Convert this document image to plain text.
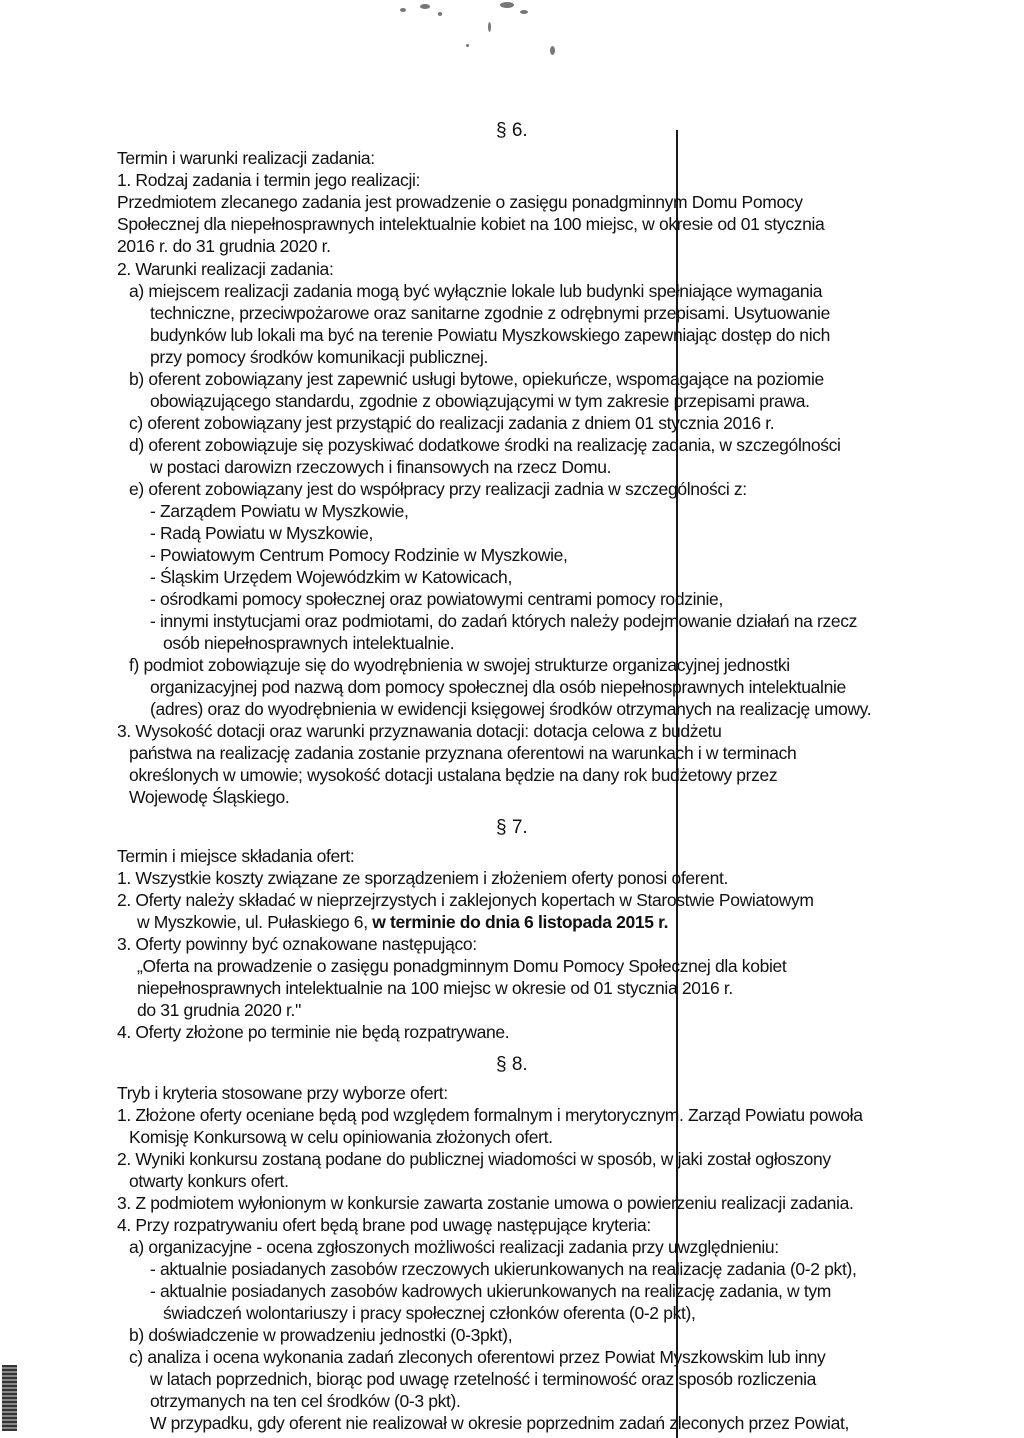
§ 6.
Termin i warunki realizacji zadania:
1. Rodzaj zadania i termin jego realizacji:
Przedmiotem zlecanego zadania jest prowadzenie o zasięgu ponadgminnym Domu Pomocy
Społecznej dla niepełnosprawnych intelektualnie kobiet na 100 miejsc, w okresie od 01 stycznia
2016 r. do 31 grudnia 2020 r.
2. Warunki realizacji zadania:
a) miejscem realizacji zadania mogą być wyłącznie lokale lub budynki spełniające wymagania
techniczne, przeciwpożarowe oraz sanitarne zgodnie z odrębnymi przepisami. Usytuowanie
budynków lub lokali ma być na terenie Powiatu Myszkowskiego zapewniając dostęp do nich
przy pomocy środków komunikacji publicznej.
b) oferent zobowiązany jest zapewnić usługi bytowe, opiekuńcze, wspomagające na poziomie
obowiązującego standardu, zgodnie z obowiązującymi w tym zakresie przepisami prawa.
c) oferent zobowiązany jest przystąpić do realizacji zadania z dniem 01 stycznia 2016 r.
d) oferent zobowiązuje się pozyskiwać dodatkowe środki na realizację zadania, w szczególności
w postaci darowizn rzeczowych i finansowych na rzecz Domu.
e) oferent zobowiązany jest do współpracy przy realizacji zadnia w szczególności z:
- Zarządem Powiatu w Myszkowie,
- Radą Powiatu w Myszkowie,
- Powiatowym Centrum Pomocy Rodzinie w Myszkowie,
- Śląskim Urzędem Wojewódzkim w Katowicach,
- ośrodkami pomocy społecznej oraz powiatowymi centrami pomocy rodzinie,
- innymi instytucjami oraz podmiotami, do zadań których należy podejmowanie działań na rzecz
osób niepełnosprawnych intelektualnie.
f) podmiot zobowiązuje się do wyodrębnienia w swojej strukturze organizacyjnej jednostki
organizacyjnej pod nazwą dom pomocy społecznej dla osób niepełnosprawnych intelektualnie
(adres) oraz do wyodrębnienia w ewidencji księgowej środków otrzymanych na realizację umowy.
3. Wysokość dotacji oraz warunki przyznawania dotacji: dotacja celowa z budżetu
państwa na realizację zadania zostanie przyznana oferentowi na warunkach i w terminach
określonych w umowie; wysokość dotacji ustalana będzie na dany rok budżetowy przez
Wojewodę Śląskiego.
§ 7.
Termin i miejsce składania ofert:
1. Wszystkie koszty związane ze sporządzeniem i złożeniem oferty ponosi oferent.
2. Oferty należy składać w nieprzejrzystych i zaklejonych kopertach w Starostwie Powiatowym
w Myszkowie, ul. Pułaskiego 6, w terminie do dnia 6 listopada 2015 r.
3. Oferty powinny być oznakowane następująco:
„Oferta na prowadzenie o zasięgu ponadgminnym Domu Pomocy Społecznej dla kobiet
niepełnosprawnych intelektualnie na 100 miejsc w okresie od 01 stycznia 2016 r.
do 31 grudnia 2020 r."
4. Oferty złożone po terminie nie będą rozpatrywane.
§ 8.
Tryb i kryteria stosowane przy wyborze ofert:
1. Złożone oferty oceniane będą pod względem formalnym i merytorycznym. Zarząd Powiatu powoła
Komisję Konkursową w celu opiniowania złożonych ofert.
2. Wyniki konkursu zostaną podane do publicznej wiadomości w sposób, w jaki został ogłoszony
otwarty konkurs ofert.
3. Z podmiotem wyłonionym w konkursie zawarta zostanie umowa o powierzeniu realizacji zadania.
4. Przy rozpatrywaniu ofert będą brane pod uwagę następujące kryteria:
a) organizacyjne - ocena zgłoszonych możliwości realizacji zadania przy uwzględnieniu:
- aktualnie posiadanych zasobów rzeczowych ukierunkowanych na realizację zadania (0-2 pkt),
- aktualnie posiadanych zasobów kadrowych ukierunkowanych na realizację zadania, w tym
świadczeń wolontariuszy i pracy społecznej członków oferenta (0-2 pkt),
b) doświadczenie w prowadzeniu jednostki (0-3pkt),
c) analiza i ocena wykonania zadań zleconych oferentowi przez Powiat Myszkowskim lub inny
w latach poprzednich, biorąc pod uwagę rzetelność i terminowość oraz sposób rozliczenia
otrzymanych na ten cel środków (0-3 pkt).
W przypadku, gdy oferent nie realizował w okresie poprzednim zadań zleconych przez Powiat,
